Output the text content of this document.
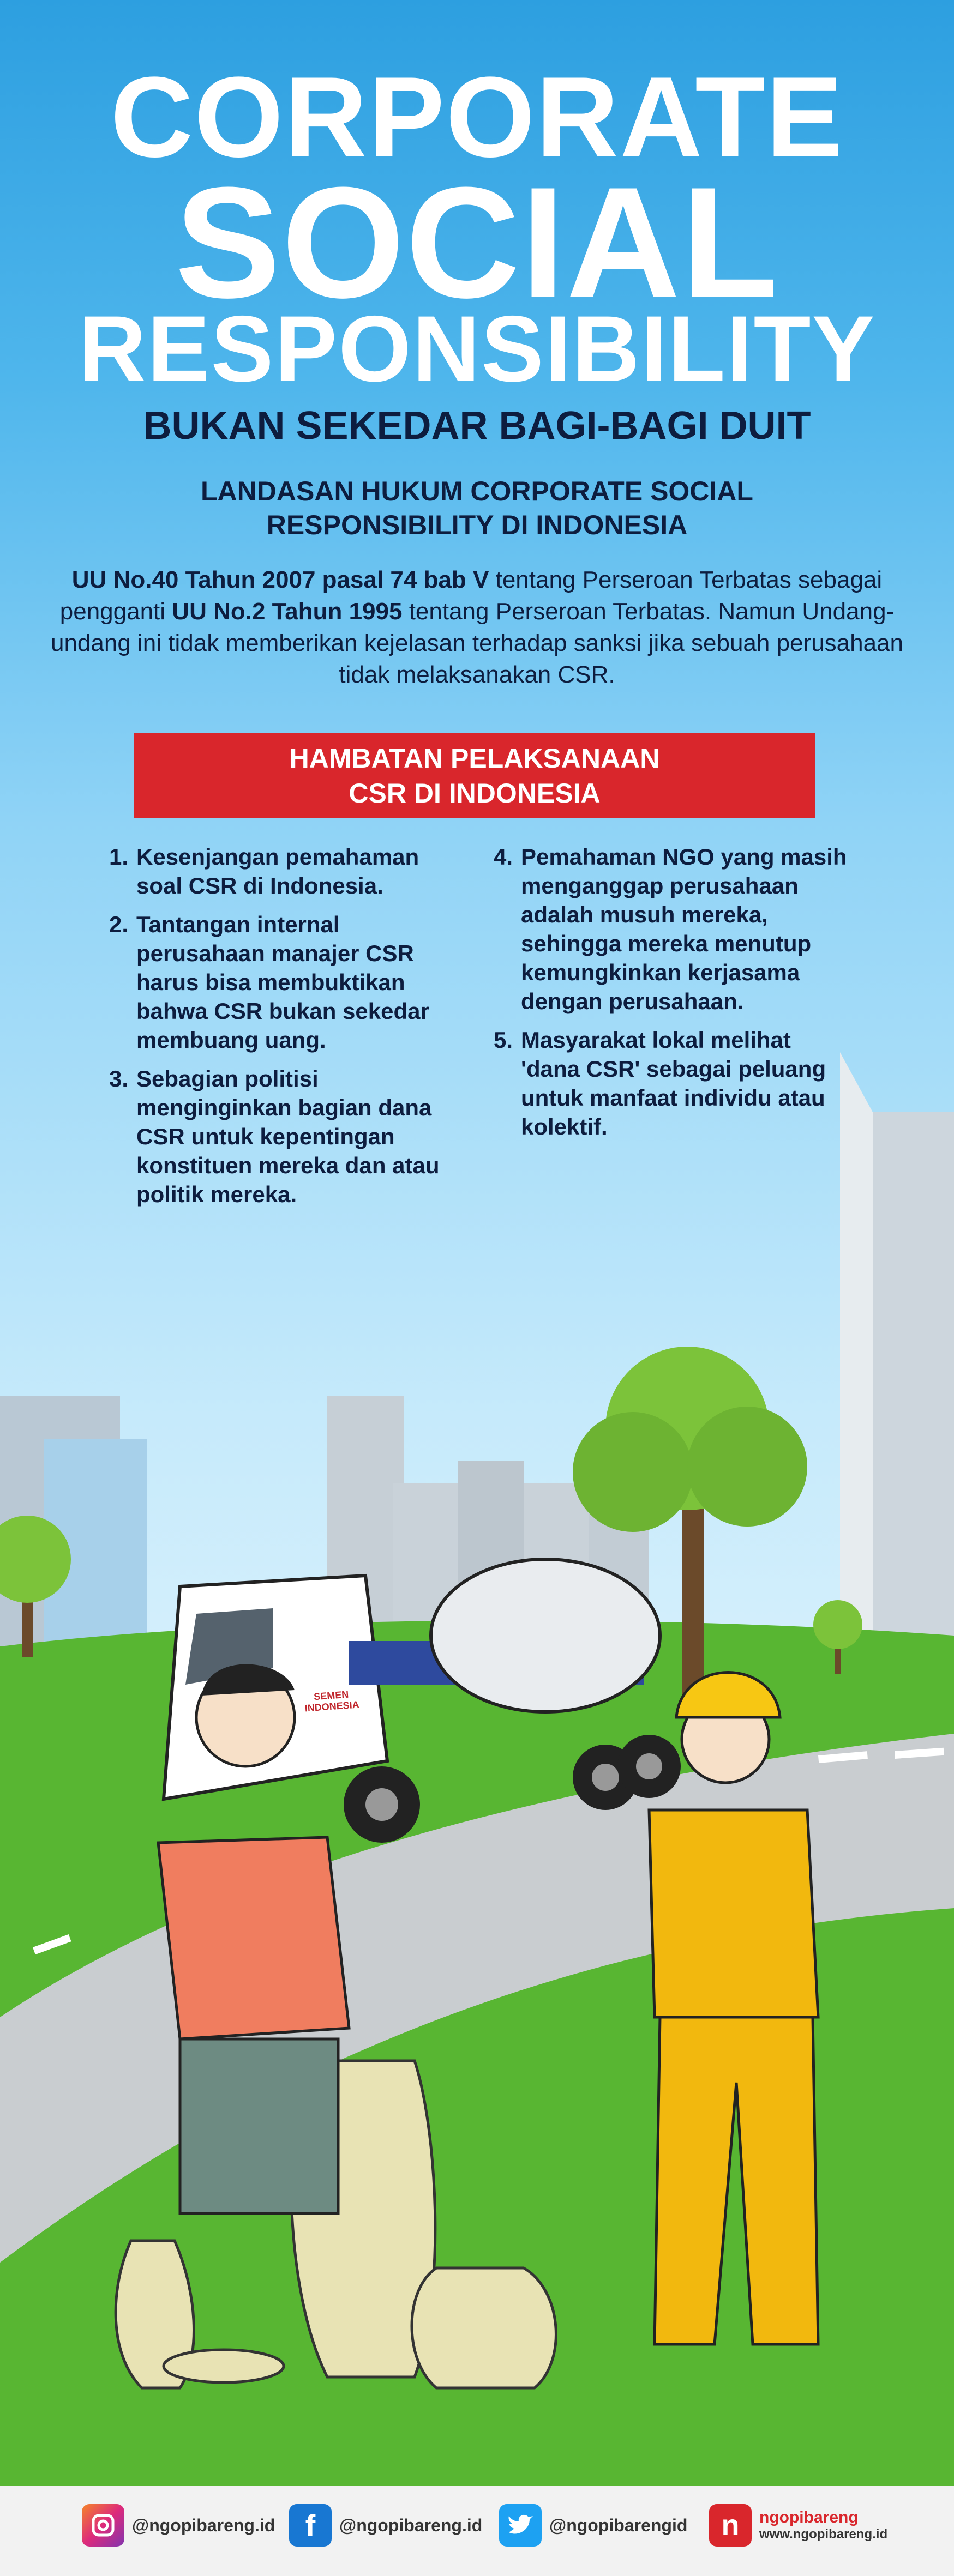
CORPORATE
SOCIAL
RESPONSIBILITY
BUKAN SEKEDAR BAGI-BAGI DUIT
LANDASAN HUKUM CORPORATE SOCIAL
RESPONSIBILITY DI INDONESIA
UU No.40 Tahun 2007 pasal 74 bab V tentang Perseroan Terbatas sebagai pengganti UU No.2 Tahun 1995 tentang Perseroan Terbatas. Namun Undang-undang ini tidak memberikan kejelasan terhadap sanksi jika sebuah perusahaan tidak melaksanakan CSR.
HAMBATAN PELAKSANAAN
CSR DI INDONESIA
1. Kesenjangan pemahaman soal CSR di Indonesia.
2. Tantangan internal perusahaan manajer CSR harus bisa membuktikan bahwa CSR bukan sekedar membuang uang.
3. Sebagian politisi menginginkan bagian dana CSR untuk kepentingan konstituen mereka dan atau politik mereka.
4. Pemahaman NGO yang masih menganggap perusahaan adalah musuh mereka, sehingga mereka menutup kemungkinkan kerjasama dengan perusahaan.
5. Masyarakat lokal melihat 'dana CSR' sebagai peluang untuk manfaat individu atau kolektif.
SEMEN
INDONESIA
@ngopibareng.id f	@ngopibareng.id	@ngopibarengid	n	ngopibareng
www.ngopibareng.id
